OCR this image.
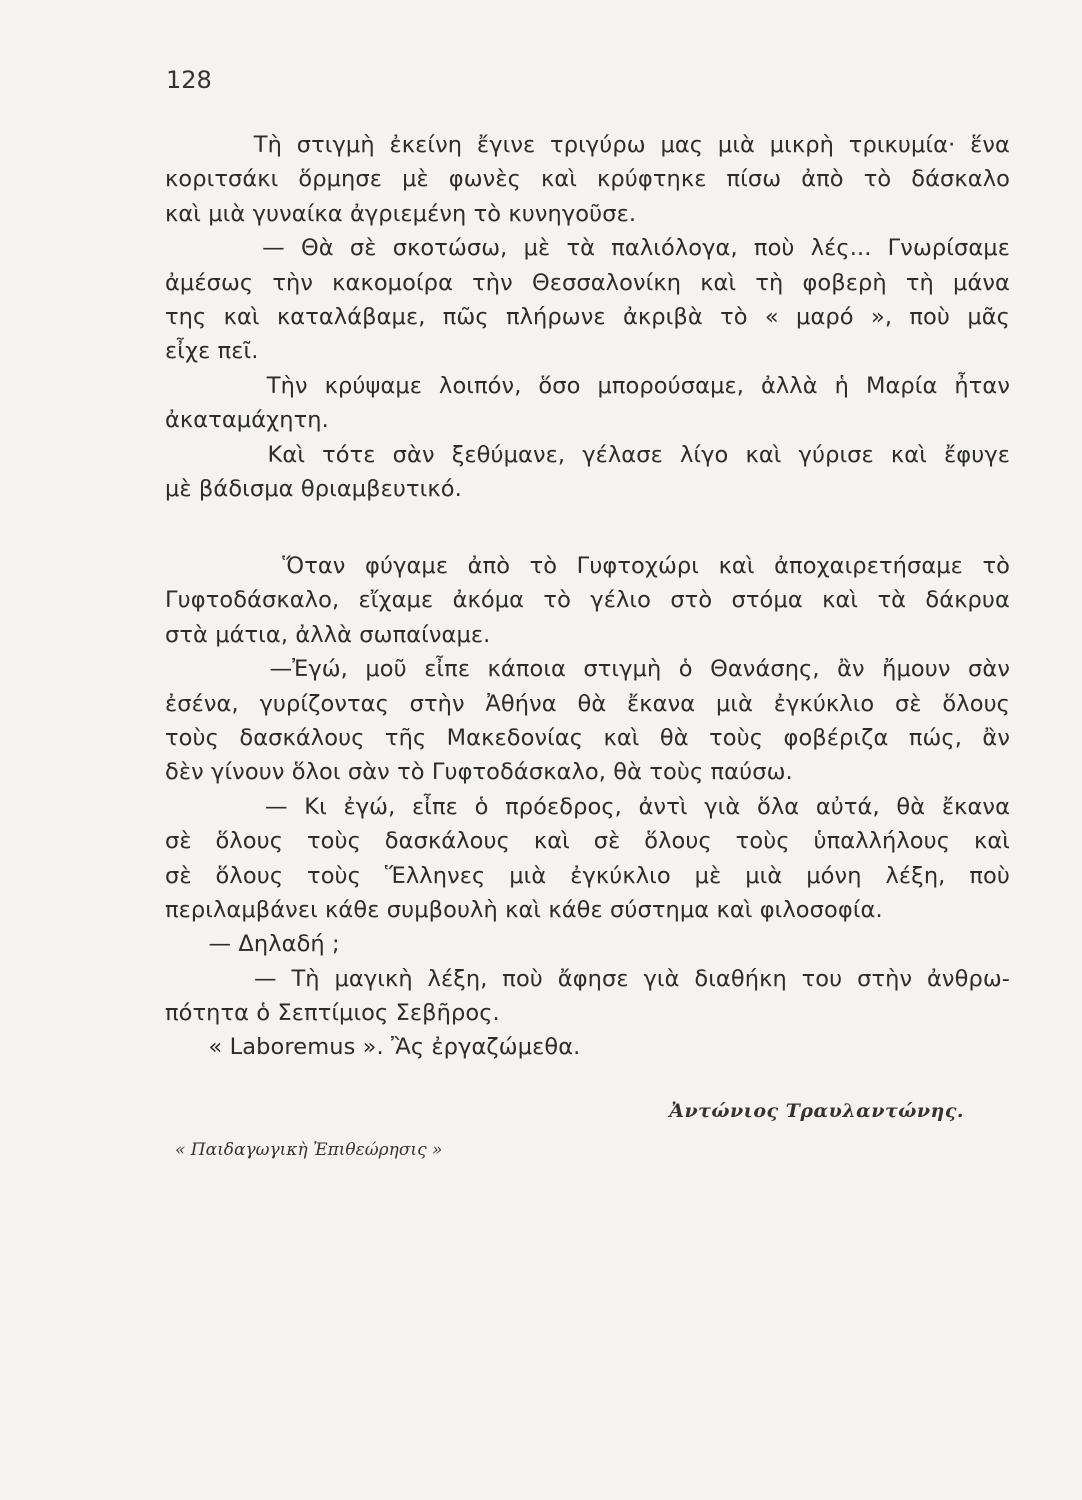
128
Τὴ στιγμὴ ἐκείνη ἔγινε τριγύρω μας μιὰ μικρὴ τρικυμία· ἕνα
κοριτσάκι ὅρμησε μὲ φωνὲς καὶ κρύφτηκε πίσω ἀπὸ τὸ δάσκαλο
καὶ μιὰ γυναίκα ἀγριεμένη τὸ κυνηγοῦσε.
— Θὰ σὲ σκοτώσω, μὲ τὰ παλιόλογα, ποὺ λές... Γνωρίσαμε
ἀμέσως τὴν κακομοίρα τὴν Θεσσαλονίκη καὶ τὴ φοβερὴ τὴ μάνα
της καὶ καταλάβαμε, πῶς πλήρωνε ἀκριβὰ τὸ « μαρό », ποὺ μᾶς
εἶχε πεῖ.
Τὴν κρύψαμε λοιπόν, ὅσο μπορούσαμε, ἀλλὰ ἡ Μαρία ἦταν
ἀκαταμάχητη.
Καὶ τότε σὰν ξεθύμανε, γέλασε λίγο καὶ γύρισε καὶ ἔφυγε
μὲ βάδισμα θριαμβευτικό.
Ὅταν φύγαμε ἀπὸ τὸ Γυφτοχώρι καὶ ἀποχαιρετήσαμε τὸ
Γυφτοδάσκαλο, εἴχαμε ἀκόμα τὸ γέλιο στὸ στόμα καὶ τὰ δάκρυα
στὰ μάτια, ἀλλὰ σωπαίναμε.
—Ἐγώ, μοῦ εἶπε κάποια στιγμὴ ὁ Θανάσης, ἂν ἤμουν σὰν
ἐσένα, γυρίζοντας στὴν Ἀθήνα θὰ ἔκανα μιὰ ἐγκύκλιο σὲ ὅλους
τοὺς δασκάλους τῆς Μακεδονίας καὶ θὰ τοὺς φοβέριζα πώς, ἂν
δὲν γίνουν ὅλοι σὰν τὸ Γυφτοδάσκαλο, θὰ τοὺς παύσω.
— Κι ἐγώ, εἶπε ὁ πρόεδρος, ἀντὶ γιὰ ὅλα αὐτά, θὰ ἔκανα
σὲ ὅλους τοὺς δασκάλους καὶ σὲ ὅλους τοὺς ὑπαλλήλους καὶ
σὲ ὅλους τοὺς Ἕλληνες μιὰ ἐγκύκλιο μὲ μιὰ μόνη λέξη, ποὺ
περιλαμβάνει κάθε συμβουλὴ καὶ κάθε σύστημα καὶ φιλοσοφία.
— Δηλαδή ;
— Τὴ μαγικὴ λέξη, ποὺ ἄφησε γιὰ διαθήκη του στὴν ἀνθρω-
πότητα ὁ Σεπτίμιος Σεβῆρος.
« Laboremus ». Ἂς ἐργαζώμεθα.
Ἀντώνιος Τραυλαντώνης.
« Παιδαγωγικὴ Ἐπιθεώρησις »
